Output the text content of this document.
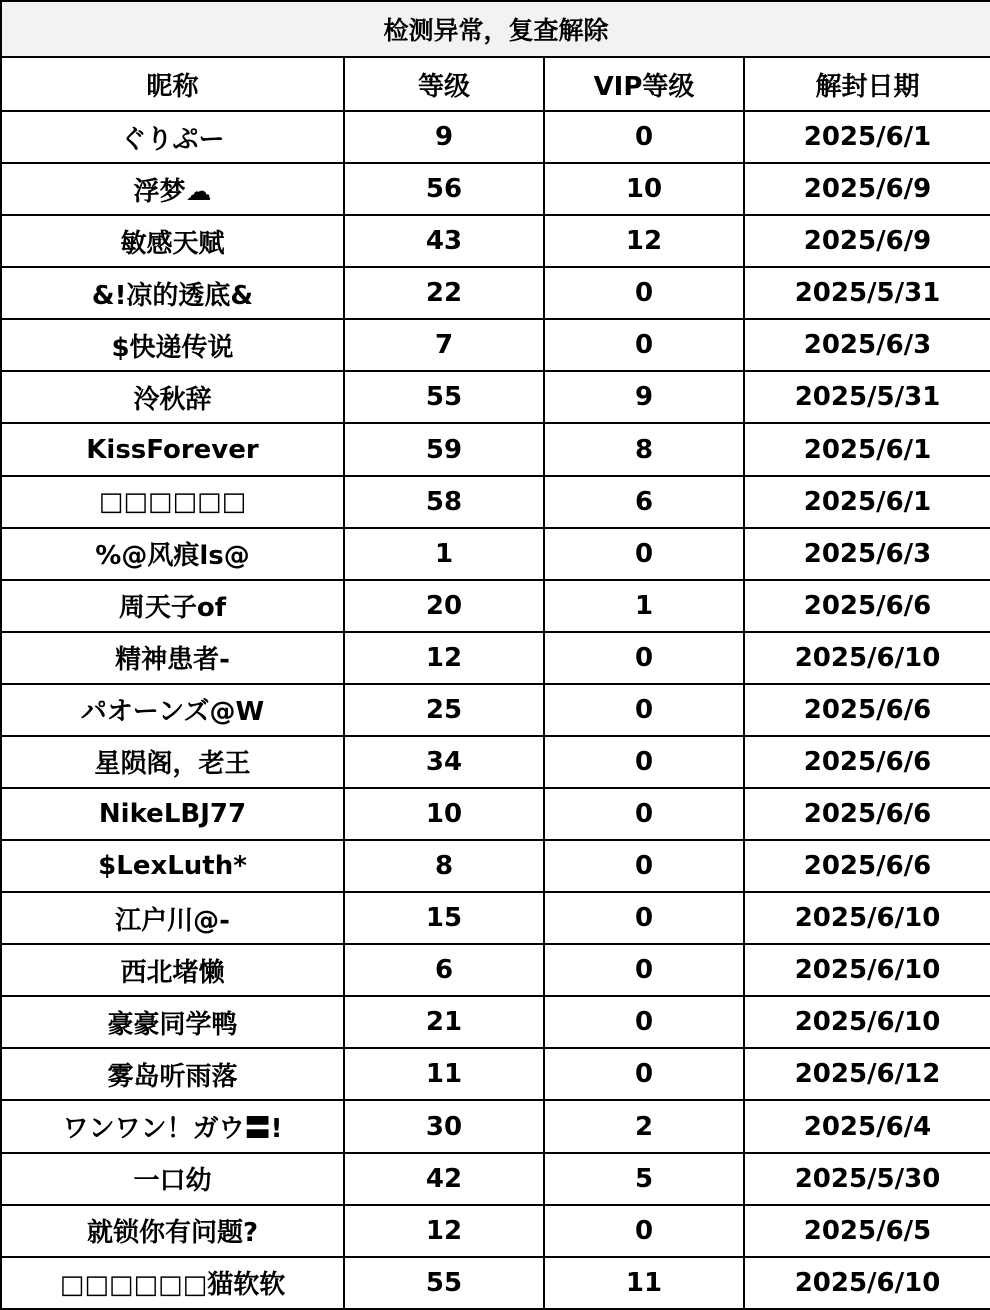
检测异常，复查解除			
昵称	等级	VIP等级	解封日期
ぐりぷー	9	0	2025/6/1
浮梦☁	56	10	2025/6/9
敏感天赋	43	12	2025/6/9
&!凉的透底&	22	0	2025/5/31
$快递传说	7	0	2025/6/3
泠秋辞	55	9	2025/5/31
KissForever	59	8	2025/6/1
□□□□□□	58	6	2025/6/1
%@风痕ls@	1	0	2025/6/3
周天子of	20	1	2025/6/6
精神患者-	12	0	2025/6/10
パオーンズ@W	25	0	2025/6/6
星陨阁，老王	34	0	2025/6/6
NikeLBJ77	10	0	2025/6/6
$LexLuth*	8	0	2025/6/6
江户川@-	15	0	2025/6/10
西北堵懒	6	0	2025/6/10
豪豪同学鸭	21	0	2025/6/10
雾岛听雨落	11	0	2025/6/12
ワンワン！ガウ〓!	30	2	2025/6/4
一口幼	42	5	2025/5/30
就锁你有问题?	12	0	2025/6/5
□□□□□□猫软软	55	11	2025/6/10
